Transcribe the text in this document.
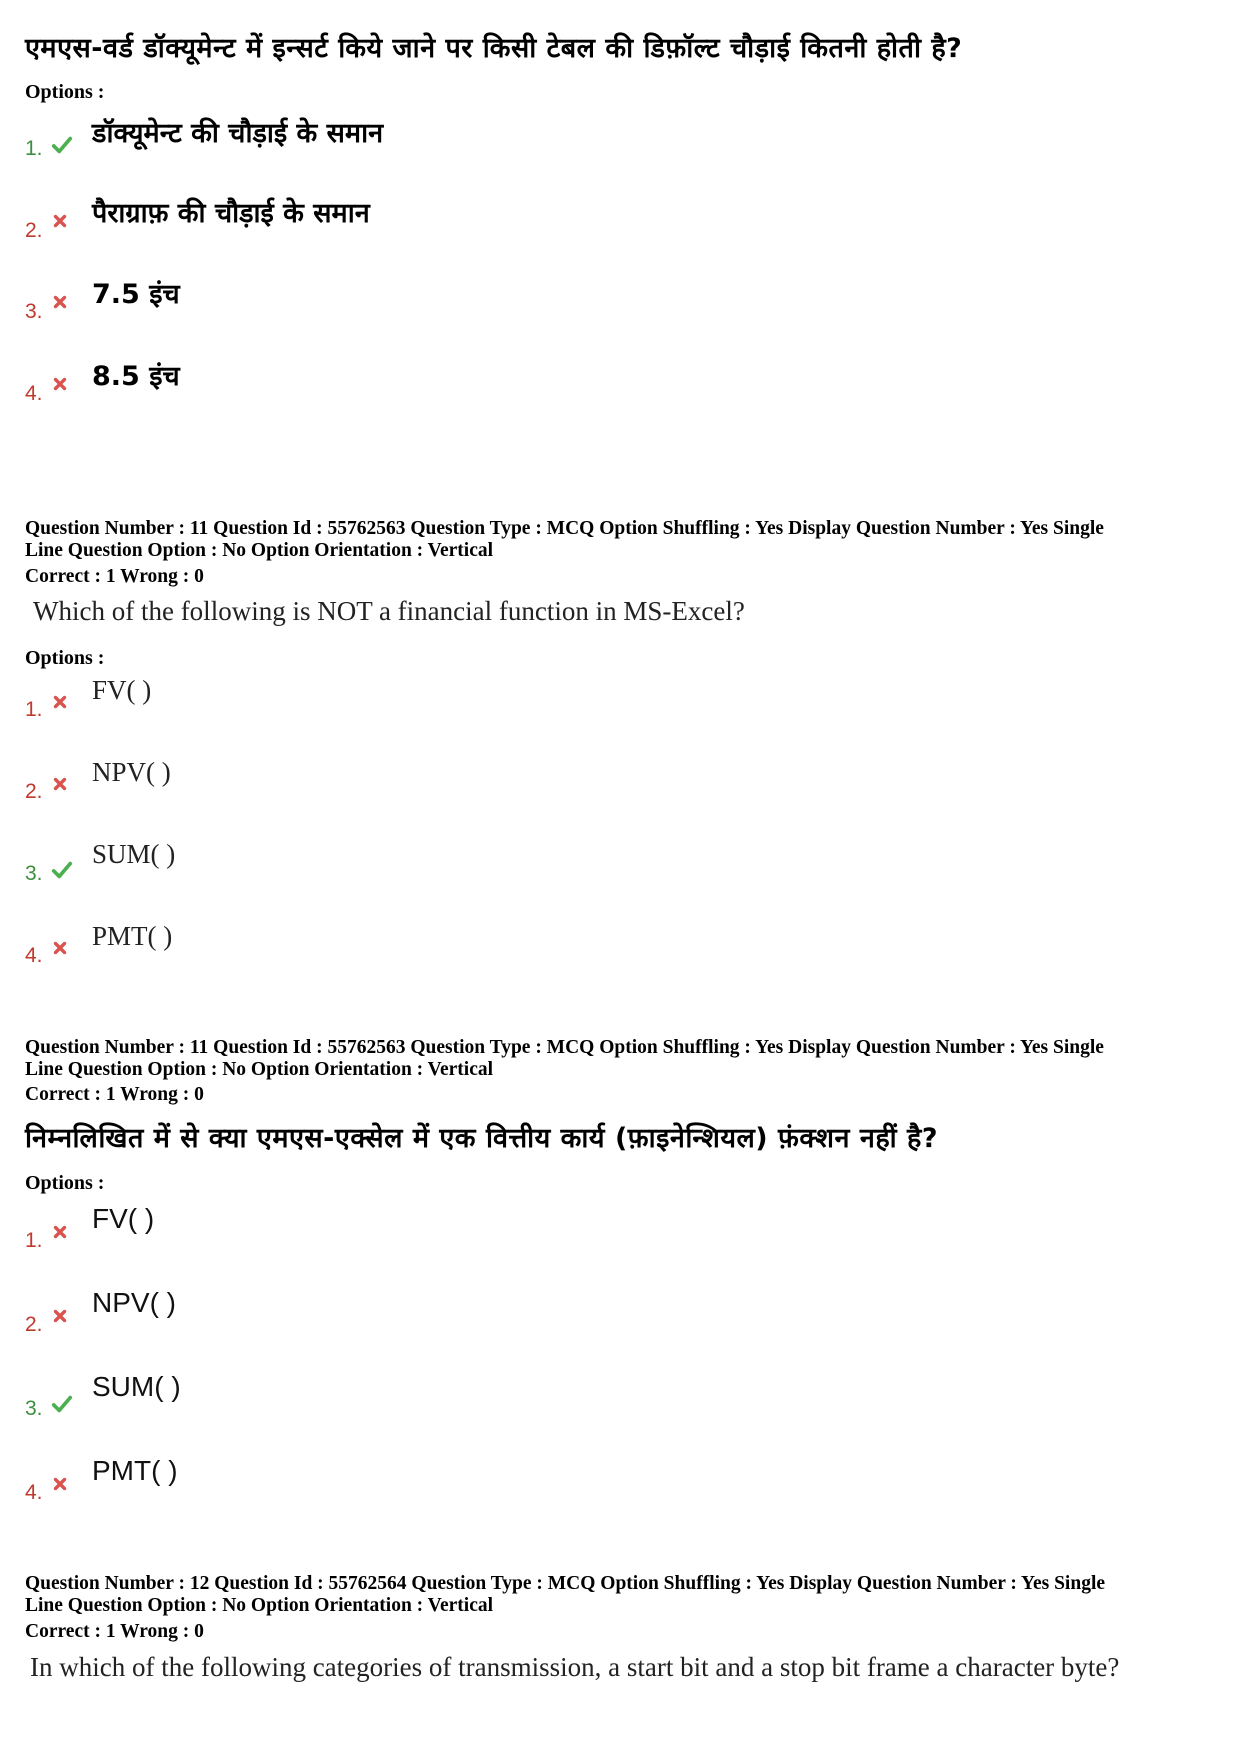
एमएस-वर्ड डॉक्यूमेन्ट में इन्सर्ट किये जाने पर किसी टेबल की डिफ़ॉल्ट चौड़ाई कितनी होती है?
Options :
1. डॉक्यूमेन्ट की चौड़ाई के समान
2.
पैराग्राफ़ की चौड़ाई के समान
3.
7.5 इंच
4.
8.5 इंच
Question Number : 11 Question Id : 55762563 Question Type : MCQ Option Shuffling : Yes Display Question Number : Yes Single
Line Question Option : No Option Orientation : Vertical
Correct : 1 Wrong : 0
Which of the following is NOT a financial function in MS-Excel?
Options :
1.
FV( )
2.
NPV( )
3.
SUM( )
4.
PMT( )
Question Number : 11 Question Id : 55762563 Question Type : MCQ Option Shuffling : Yes Display Question Number : Yes Single
Line Question Option : No Option Orientation : Vertical
Correct : 1 Wrong : 0
निम्नलिखित में से क्या एमएस-एक्सेल में एक वित्तीय कार्य (फ़ाइनेन्शियल) फ़ंक्शन नहीं है?
Options :
1.
FV( )
2.
NPV( )
3.
SUM( )
4.
PMT( )
Question Number : 12 Question Id : 55762564 Question Type : MCQ Option Shuffling : Yes Display Question Number : Yes Single
Line Question Option : No Option Orientation : Vertical
Correct : 1 Wrong : 0
In which of the following categories of transmission, a start bit and a stop bit frame a character byte?
